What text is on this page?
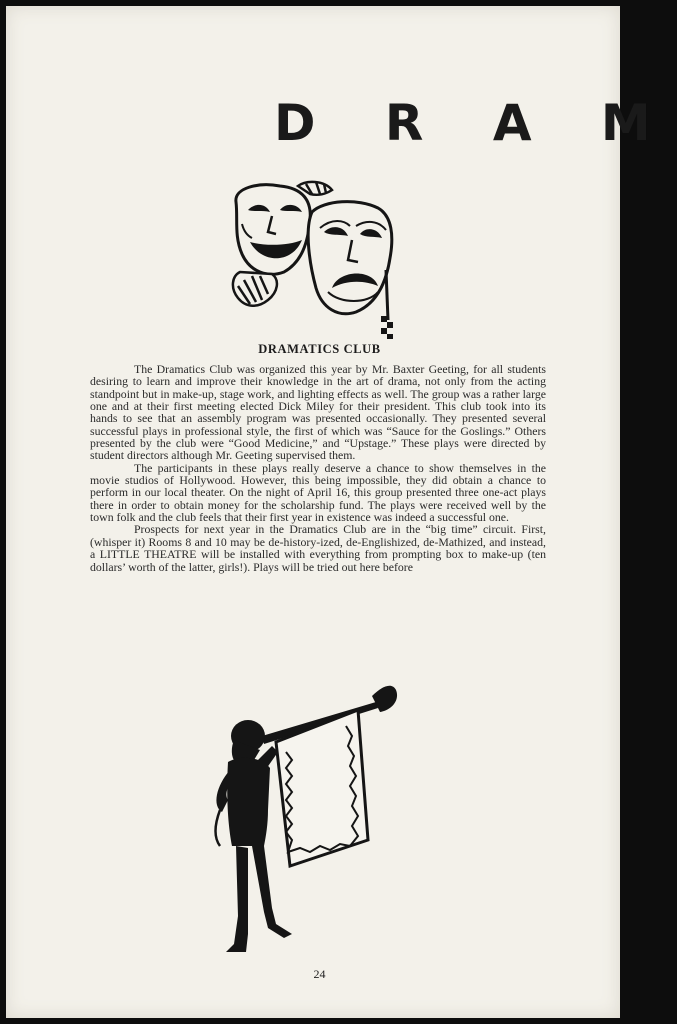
D R A M
DRAMATICS CLUB

The Dramatics Club was organized this year by Mr. Baxter Geeting, for all students desiring to learn and improve their knowledge in the art of drama, not only from the acting standpoint but in make-up, stage work, and lighting effects as well. The group was a rather large one and at their first meeting elected Dick Miley for their president. This club took into its hands to see that an assembly program was presented occasionally. They presented several successful plays in professional style, the first of which was “Sauce for the Goslings.” Others presented by the club were “Good Medicine,” and “Upstage.” These plays were directed by student directors although Mr. Geeting supervised them.

The participants in these plays really deserve a chance to show themselves in the movie studios of Hollywood. However, this being impossible, they did obtain a chance to perform in our local theater. On the night of April 16, this group presented three one-act plays there in order to obtain money for the scholarship fund. The plays were received well by the town folk and the club feels that their first year in existence was indeed a successful one.

Prospects for next year in the Dramatics Club are in the “big time” circuit. First, (whisper it) Rooms 8 and 10 may be de-history-ized, de-Englishized, de-Mathized, and instead, a LITTLE THEATRE will be installed with everything from prompting box to make-up (ten dollars’ worth of the latter, girls!). Plays will be tried out here before

24
